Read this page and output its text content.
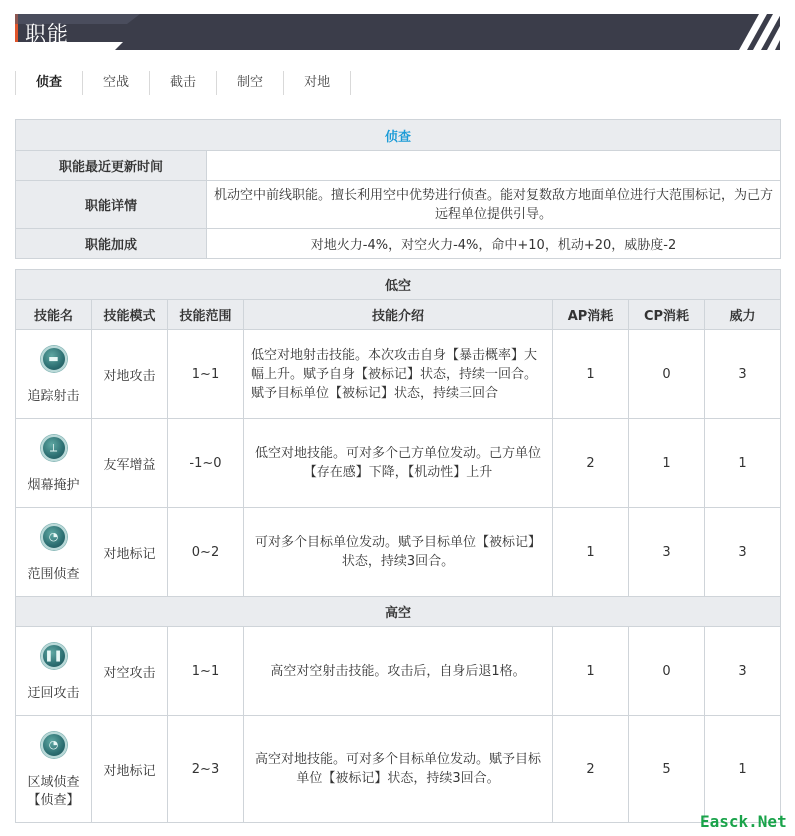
职能
侦查	空战	截击	制空	对地
侦查	
职能最近更新时间	
职能详情	机动空中前线职能。擅长利用空中优势进行侦查。能对复数敌方地面单位进行大范围标记，为己方远程单位提供引导。
职能加成	对地火力-4%，对空火力-4%，命中+10，机动+20，威胁度-2
低空						
技能名	技能模式	技能范围	技能介绍	AP消耗	CP消耗	威力

▬
追踪射击	对地攻击	1~1	低空对地射击技能。本次攻击自身【暴击概率】大幅上升。赋予自身【被标记】状态，持续一回合。赋予目标单位【被标记】状态，持续三回合	1	0	3

⟂
烟幕掩护	友军增益	-1~0	低空对地技能。可对多个己方单位发动。己方单位【存在感】下降，【机动性】上升	2	1	1

◔
范围侦查	对地标记	0~2	可对多个目标单位发动。赋予目标单位【被标记】状态，持续3回合。	1	3	3
高空						

❚❚
迂回攻击	对空攻击	1~1	高空对空射击技能。攻击后，自身后退1格。	1	0	3

◔
区域侦查【侦查】	对地标记	2~3	高空对地技能。可对多个目标单位发动。赋予目标单位【被标记】状态，持续3回合。	2	5	1
Easck.Net
